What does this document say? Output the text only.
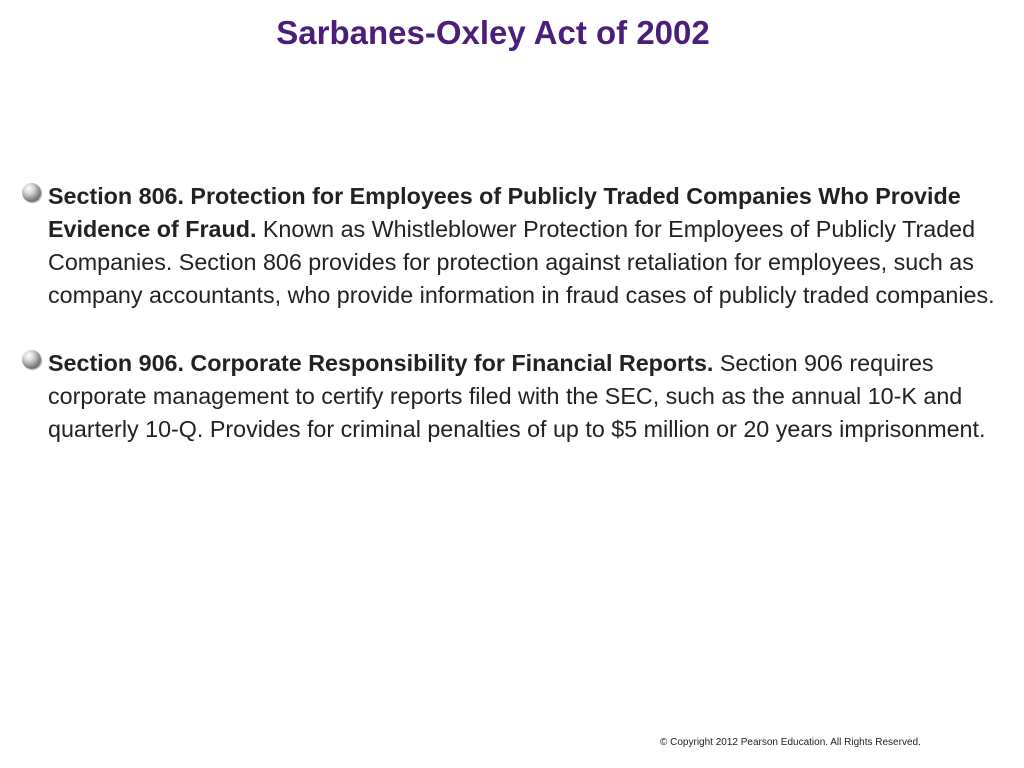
Sarbanes-Oxley Act of 2002
Section 806. Protection for Employees of Publicly Traded Companies Who Provide Evidence of Fraud. Known as Whistleblower Protection for Employees of Publicly Traded Companies. Section 806 provides for protection against retaliation for employees, such as company accountants, who provide information in fraud cases of publicly traded companies.
Section 906. Corporate Responsibility for Financial Reports. Section 906 requires corporate management to certify reports filed with the SEC, such as the annual 10-K and quarterly 10-Q. Provides for criminal penalties of up to $5 million or 20 years imprisonment.
© Copyright 2012 Pearson Education. All Rights Reserved.
